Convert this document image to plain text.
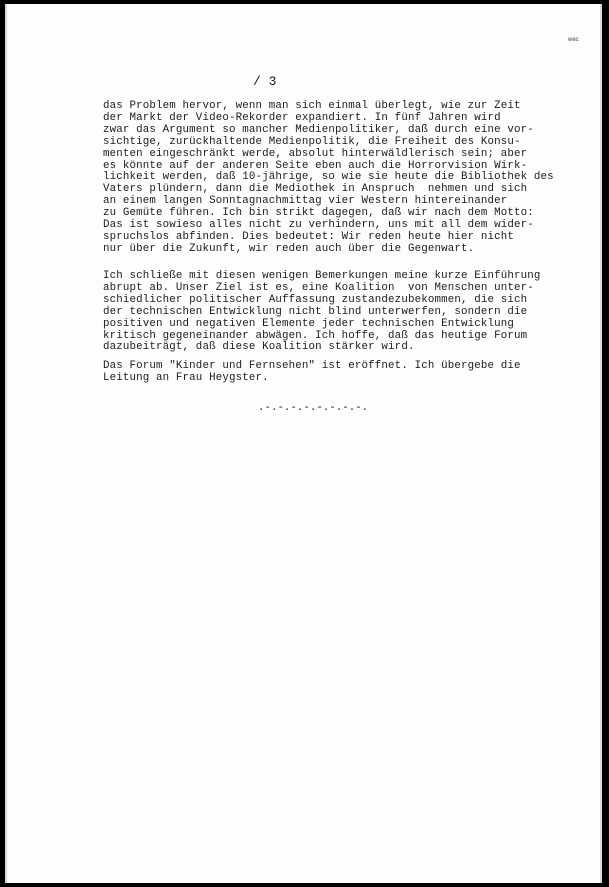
wec
/ 3
das Problem hervor, wenn man sich einmal überlegt, wie zur Zeit
der Markt der Video-Rekorder expandiert. In fünf Jahren wird
zwar das Argument so mancher Medienpolitiker, daß durch eine vor-
sichtige, zurückhaltende Medienpolitik, die Freiheit des Konsu-
menten eingeschränkt werde, absolut hinterwäldlerisch sein; aber
es könnte auf der anderen Seite eben auch die Horrorvision Wirk-
lichkeit werden, daß 10-jährige, so wie sie heute die Bibliothek des
Vaters plündern, dann die Mediothek in Anspruch  nehmen und sich
an einem langen Sonntagnachmittag vier Western hintereinander
zu Gemüte führen. Ich bin strikt dagegen, daß wir nach dem Motto:
Das ist sowieso alles nicht zu verhindern, uns mit all dem wider-
spruchslos abfinden. Dies bedeutet: Wir reden heute hier nicht
nur über die Zukunft, wir reden auch über die Gegenwart.
Ich schließe mit diesen wenigen Bemerkungen meine kurze Einführung
abrupt ab. Unser Ziel ist es, eine Koalition  von Menschen unter-
schiedlicher politischer Auffassung zustandezubekommen, die sich
der technischen Entwicklung nicht blind unterwerfen, sondern die
positiven und negativen Elemente jeder technischen Entwicklung
kritisch gegeneinander abwägen. Ich hoffe, daß das heutige Forum
dazubeiträgt, daß diese Koalition stärker wird.
Das Forum "Kinder und Fernsehen" ist eröffnet. Ich übergebe die
Leitung an Frau Heygster.
.-.-.-.-.-.-.-.-.
